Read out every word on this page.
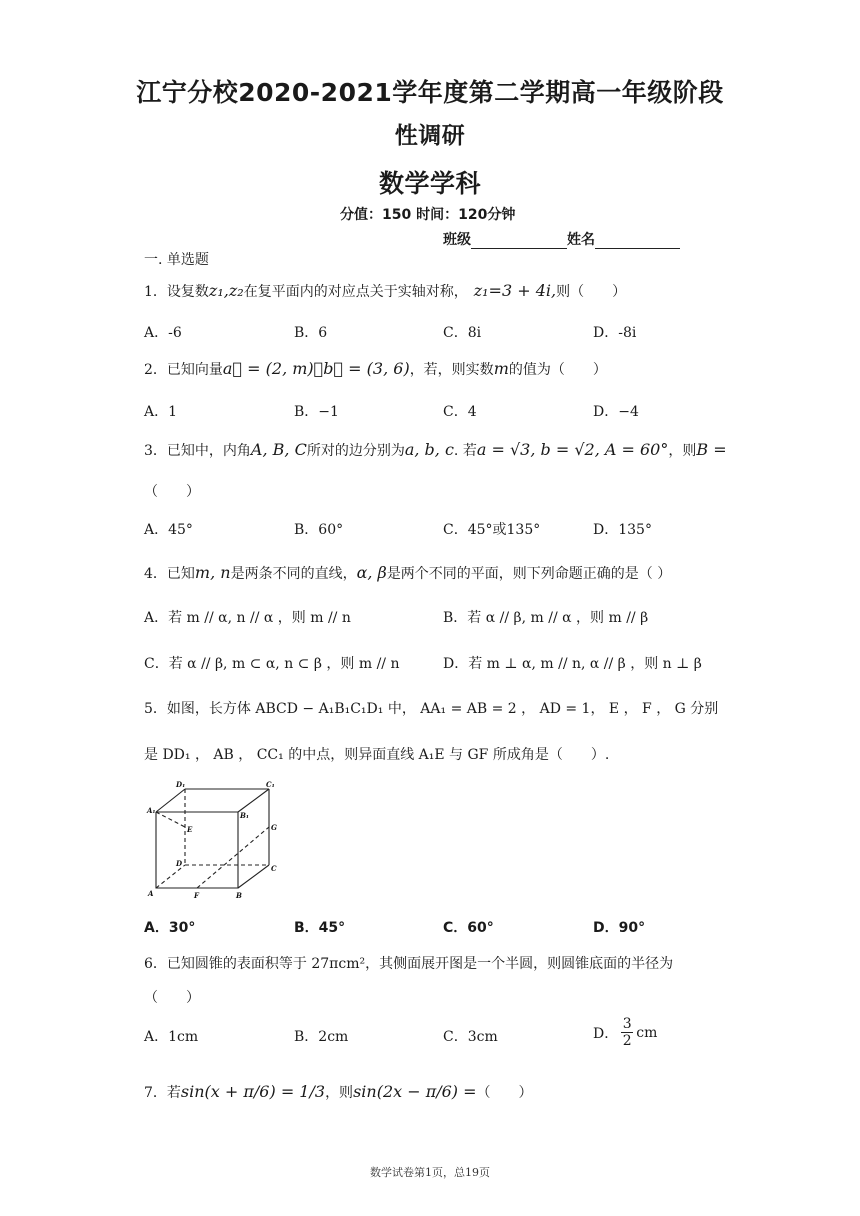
江宁分校2020-2021学年度第二学期高一年级阶段
性调研
数学学科
分值：150 时间：120分钟
班级	姓名
一. 单选题
1．设复数z₁,z₂在复平面内的对应点关于实轴对称， z₁=3 + 4i,则（　　）
A．-6	B．6	C．8i	D．-8i
2．已知向量a⃗ = (2, m)，b⃗ = (3, 6)，若，则实数m的值为（　　）
A．1	B．−1	C．4	D．−4
3．已知中，内角A, B, C所对的边分别为a, b, c. 若a = √3, b = √2, A = 60°，则B =
（　　）
A．45°	B．60°	C．45°或135°	D．135°
4．已知m, n是两条不同的直线，α, β是两个不同的平面，则下列命题正确的是（ ）
A．若 m // α, n // α ，则 m // n	B．若 α // β, m // α ，则 m // β
C．若 α // β, m ⊂ α, n ⊂ β ，则 m // n	D．若 m ⊥ α, m // n, α // β ，则 n ⊥ β
5．如图，长方体 ABCD − A₁B₁C₁D₁ 中， AA₁ = AB = 2 ， AD = 1， E ， F ， G 分别
是 DD₁ ， AB ， CC₁ 的中点，则异面直线 A₁E 与 GF 所成角是（　　）.
D₁	C₁
A₁
B₁
E	G
D
C
A	F	B
A．30°	B．45°	C．60°	D．90°
6．已知圆锥的表面积等于 27πcm²，其侧面展开图是一个半圆，则圆锥底面的半径为
（　　）
A．1cm	B．2cm	C．3cm	D． $\frac{3}{2}$ cm
7．若sin(x + π/6) = 1/3，则sin(2x − π/6) =（　　）
数学试卷第1页，总19页
